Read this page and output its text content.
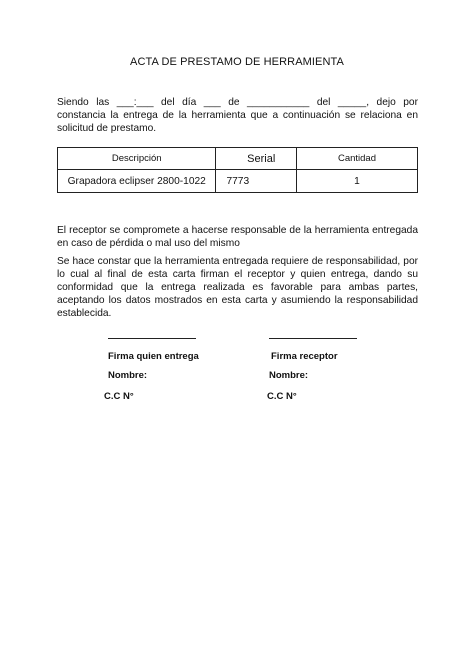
ACTA DE PRESTAMO DE HERRAMIENTA
Siendo las ___:___ del día ___ de ___________ del _____, dejo por constancia la entrega de la herramienta que a continuación se relaciona en solicitud de prestamo.
Descripción	Serial	Cantidad
Grapadora eclipser 2800-1022	7773	1
El receptor se compromete a hacerse responsable de la herramienta entregada en caso de pérdida o mal uso del mismo
Se hace constar que la herramienta entregada requiere de responsabilidad, por lo cual al final de esta carta firman el receptor y quien entrega, dando su conformidad que la entrega realizada es favorable para ambas partes, aceptando los datos mostrados en esta carta y asumiendo la responsabilidad establecida.
Firma quien entrega	Firma receptor
Nombre:	Nombre:
C.C N°	C.C N°
